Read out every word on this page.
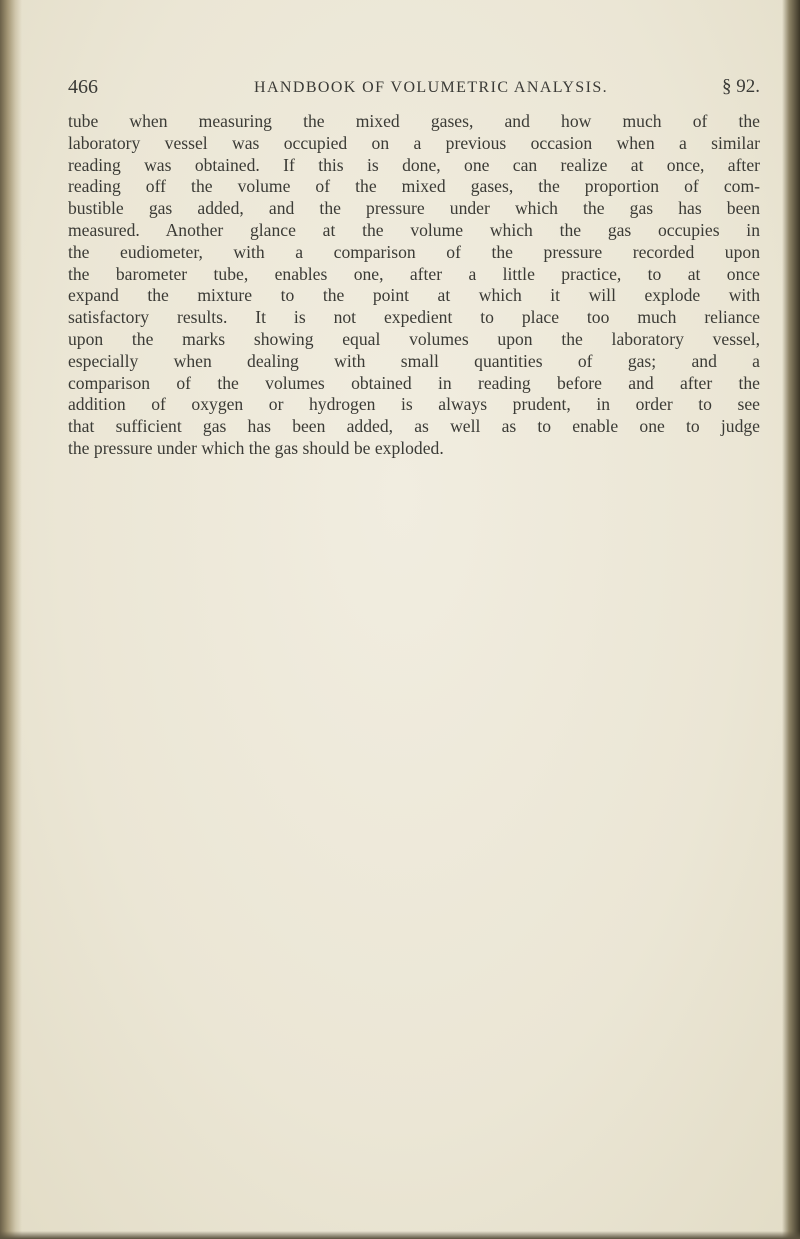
466	HANDBOOK OF VOLUMETRIC ANALYSIS.	§ 92.

tube when measuring the mixed gases, and how much of the
laboratory vessel was occupied on a previous occasion when a similar
reading was obtained. If this is done, one can realize at once, after
reading off the volume of the mixed gases, the proportion of com-
bustible gas added, and the pressure under which the gas has been
measured. Another glance at the volume which the gas occupies in
the eudiometer, with a comparison of the pressure recorded upon
the barometer tube, enables one, after a little practice, to at once
expand the mixture to the point at which it will explode with
satisfactory results. It is not expedient to place too much reliance
upon the marks showing equal volumes upon the laboratory vessel,
especially when dealing with small quantities of gas; and a
comparison of the volumes obtained in reading before and after the
addition of oxygen or hydrogen is always prudent, in order to see
that sufficient gas has been added, as well as to enable one to judge
the pressure under which the gas should be exploded.
